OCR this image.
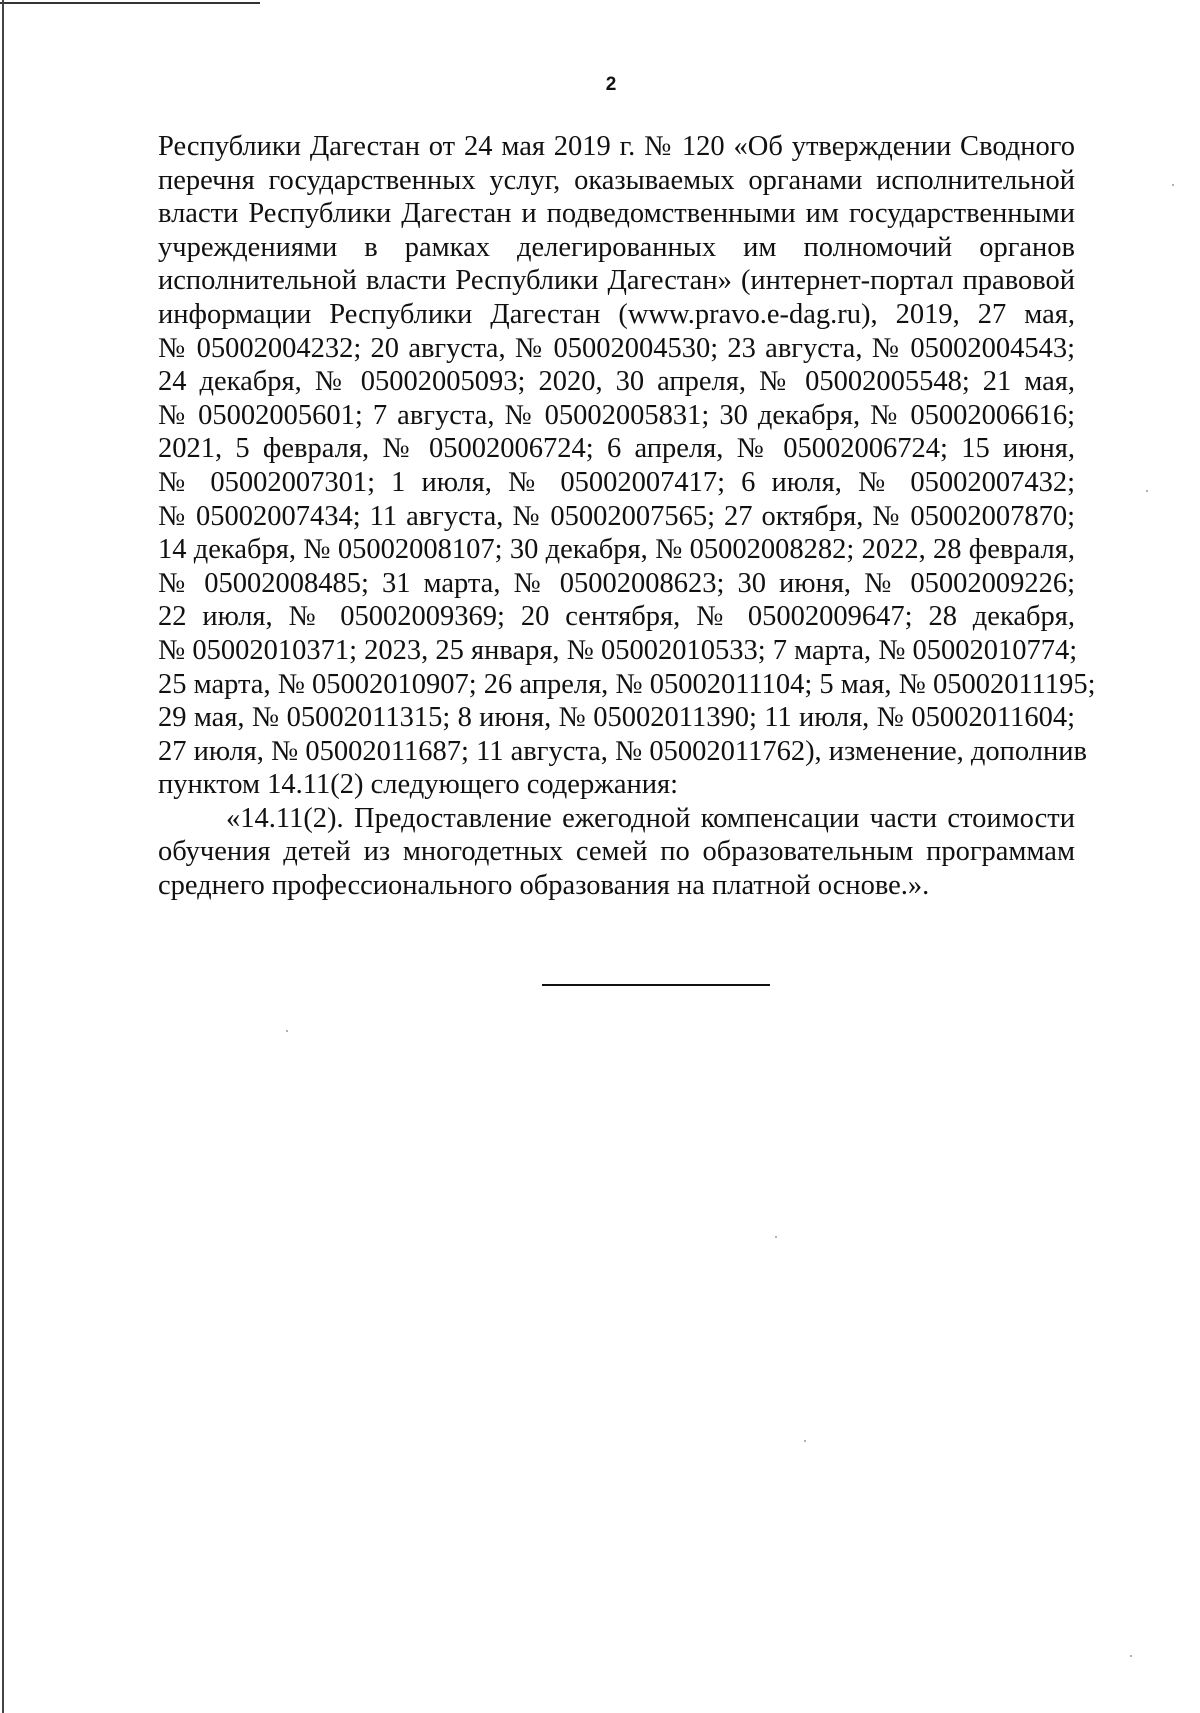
2
Республики Дагестан от 24 мая 2019 г. № 120 «Об утверждении Сводного
перечня государственных услуг, оказываемых органами исполнительной
власти Республики Дагестан и подведомственными им государственными
учреждениями в рамках делегированных им полномочий органов
исполнительной власти Республики Дагестан» (интернет-портал правовой
информации Республики Дагестан (www.pravo.e-dag.ru), 2019, 27 мая,
№ 05002004232; 20 августа, № 05002004530; 23 августа, № 05002004543;
24 декабря, № 05002005093; 2020, 30 апреля, № 05002005548; 21 мая,
№ 05002005601; 7 августа, № 05002005831; 30 декабря, № 05002006616;
2021, 5 февраля, № 05002006724; 6 апреля, № 05002006724; 15 июня,
№ 05002007301; 1 июля, № 05002007417; 6 июля, № 05002007432;
№ 05002007434; 11 августа, № 05002007565; 27 октября, № 05002007870;
14 декабря, № 05002008107; 30 декабря, № 05002008282; 2022, 28 февраля,
№ 05002008485; 31 марта, № 05002008623; 30 июня, № 05002009226;
22 июля, № 05002009369; 20 сентября, № 05002009647; 28 декабря,
№ 05002010371; 2023, 25 января, № 05002010533; 7 марта, № 05002010774;
25 марта, № 05002010907; 26 апреля, № 05002011104; 5 мая, № 05002011195;
29 мая, № 05002011315; 8 июня, № 05002011390; 11 июля, № 05002011604;
27 июля, № 05002011687; 11 августа, № 05002011762), изменение, дополнив
пунктом 14.11(2) следующего содержания:
«14.11(2). Предоставление ежегодной компенсации части стоимости
обучения детей из многодетных семей по образовательным программам
среднего профессионального образования на платной основе.».
